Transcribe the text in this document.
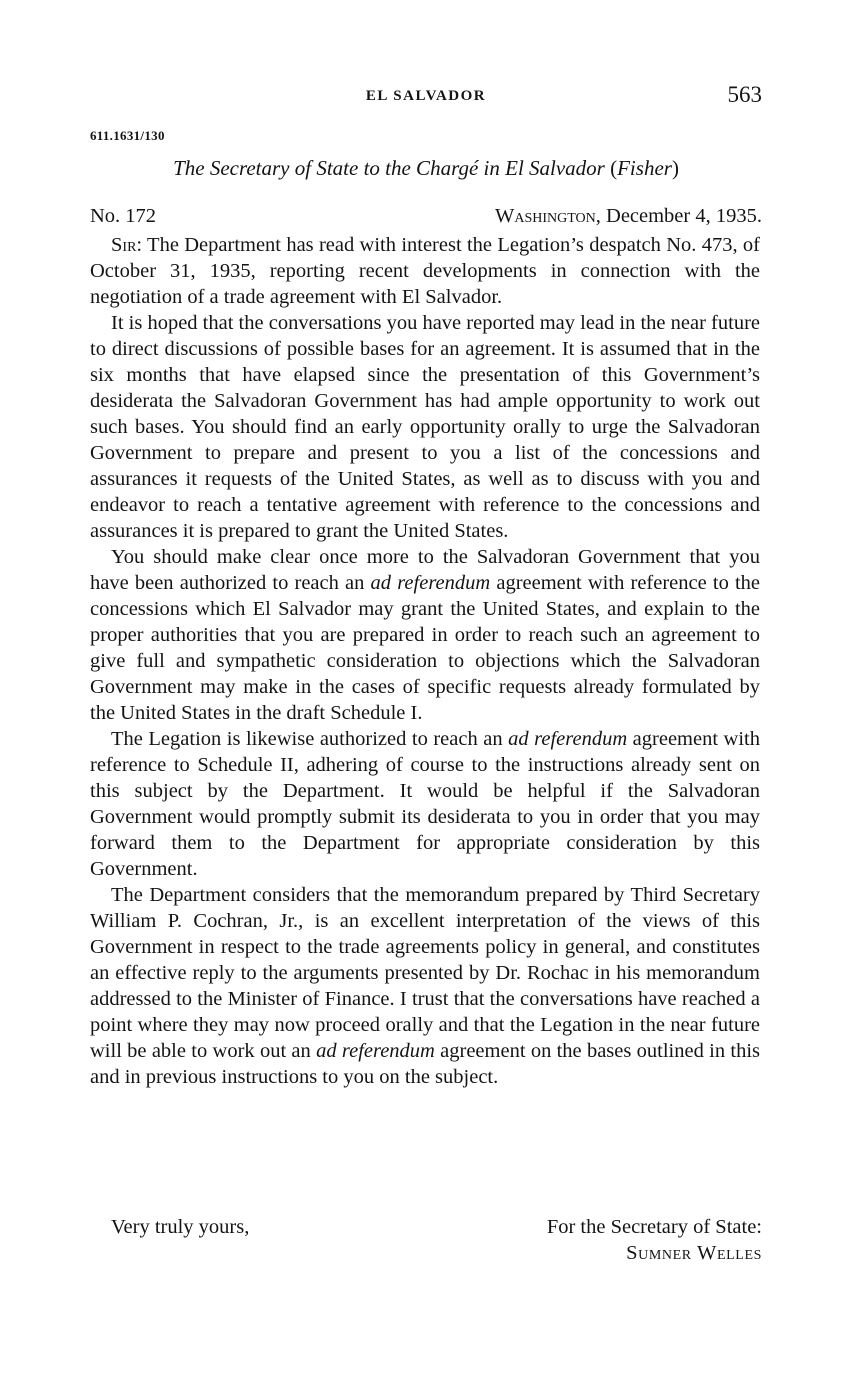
EL SALVADOR	563
611.1631/130
The Secretary of State to the Chargé in El Salvador (Fisher)
No. 172	Washington, December 4, 1935.

Sir: The Department has read with interest the Legation’s despatch No. 473, of October 31, 1935, reporting recent developments in connection with the negotiation of a trade agreement with El Salvador.

It is hoped that the conversations you have reported may lead in the near future to direct discussions of possible bases for an agreement. It is assumed that in the six months that have elapsed since the presentation of this Government’s desiderata the Salvadoran Government has had ample opportunity to work out such bases. You should find an early opportunity orally to urge the Salvadoran Government to prepare and present to you a list of the concessions and assurances it requests of the United States, as well as to discuss with you and endeavor to reach a tentative agreement with reference to the concessions and assurances it is prepared to grant the United States.

You should make clear once more to the Salvadoran Government that you have been authorized to reach an ad referendum agreement with reference to the concessions which El Salvador may grant the United States, and explain to the proper authorities that you are prepared in order to reach such an agreement to give full and sympathetic consideration to objections which the Salvadoran Government may make in the cases of specific requests already formulated by the United States in the draft Schedule I.

The Legation is likewise authorized to reach an ad referendum agreement with reference to Schedule II, adhering of course to the instructions already sent on this subject by the Department. It would be helpful if the Salvadoran Government would promptly submit its desiderata to you in order that you may forward them to the Department for appropriate consideration by this Government.

The Department considers that the memorandum prepared by Third Secretary William P. Cochran, Jr., is an excellent interpretation of the views of this Government in respect to the trade agreements policy in general, and constitutes an effective reply to the arguments presented by Dr. Rochac in his memorandum addressed to the Minister of Finance. I trust that the conversations have reached a point where they may now proceed orally and that the Legation in the near future will be able to work out an ad referendum agreement on the bases outlined in this and in previous instructions to you on the subject.

Very truly yours,	For the Secretary of State:
Sumner Welles
